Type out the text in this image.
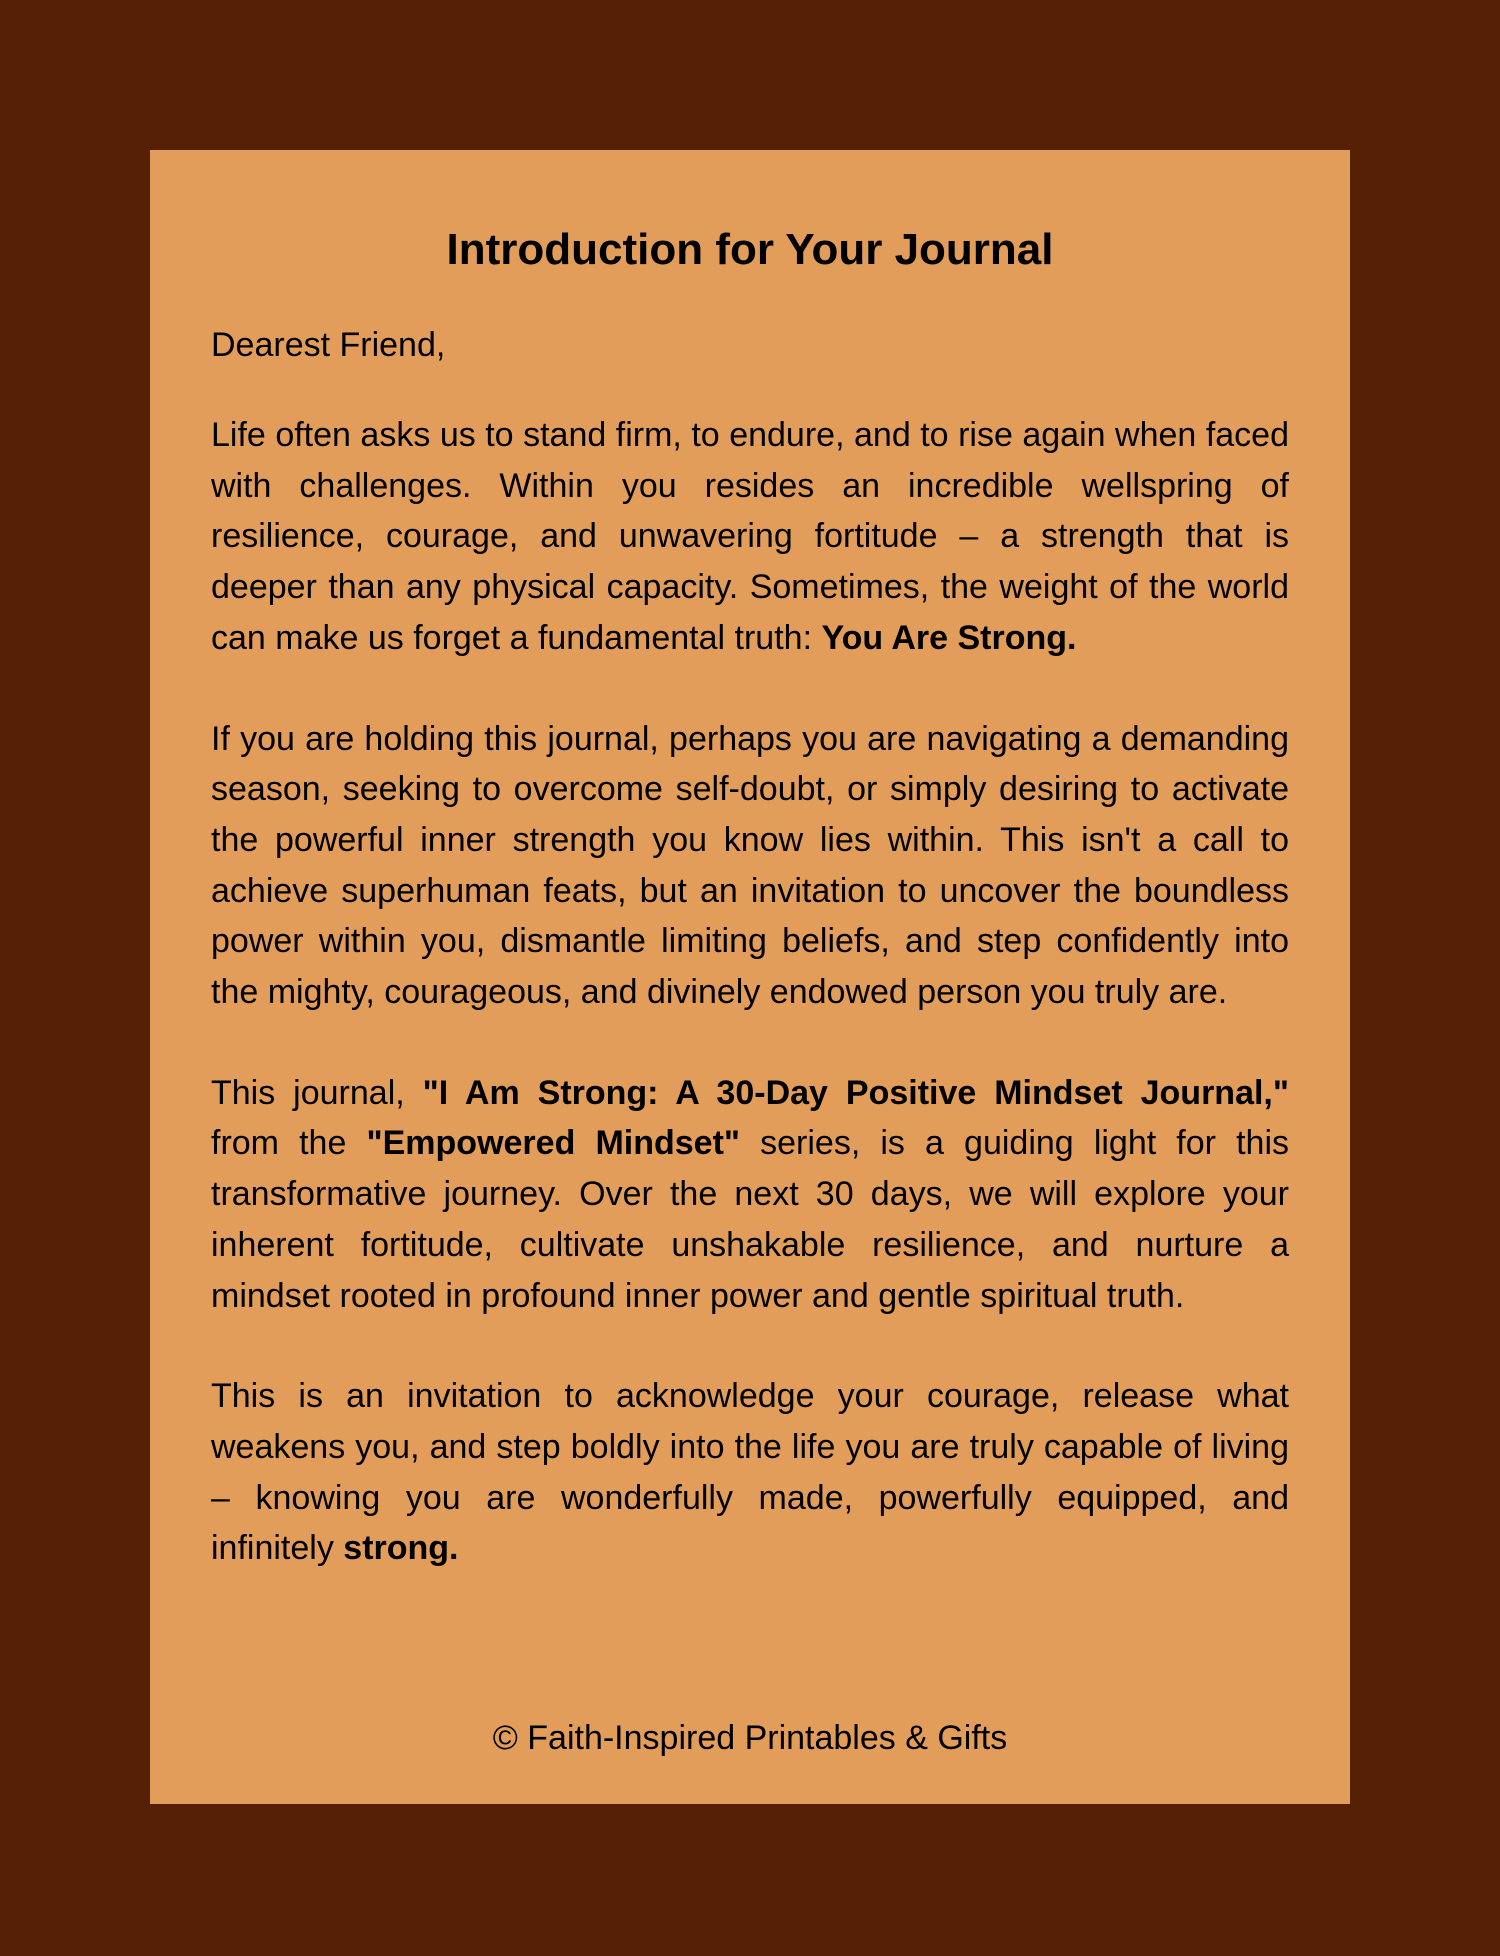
Introduction for Your Journal

Dearest Friend,

Life often asks us to stand firm, to endure, and to rise again when faced with challenges. Within you resides an incredible wellspring of resilience, courage, and unwavering fortitude – a strength that is deeper than any physical capacity. Sometimes, the weight of the world can make us forget a fundamental truth: You Are Strong.

If you are holding this journal, perhaps you are navigating a demanding season, seeking to overcome self-doubt, or simply desiring to activate the powerful inner strength you know lies within. This isn't a call to achieve superhuman feats, but an invitation to uncover the boundless power within you, dismantle limiting beliefs, and step confidently into the mighty, courageous, and divinely endowed person you truly are.

This journal, "I Am Strong: A 30-Day Positive Mindset Journal," from the "Empowered Mindset" series, is a guiding light for this transformative journey. Over the next 30 days, we will explore your inherent fortitude, cultivate unshakable resilience, and nurture a mindset rooted in profound inner power and gentle spiritual truth.

This is an invitation to acknowledge your courage, release what weakens you, and step boldly into the life you are truly capable of living – knowing you are wonderfully made, powerfully equipped, and infinitely strong.

© Faith-Inspired Printables & Gifts
